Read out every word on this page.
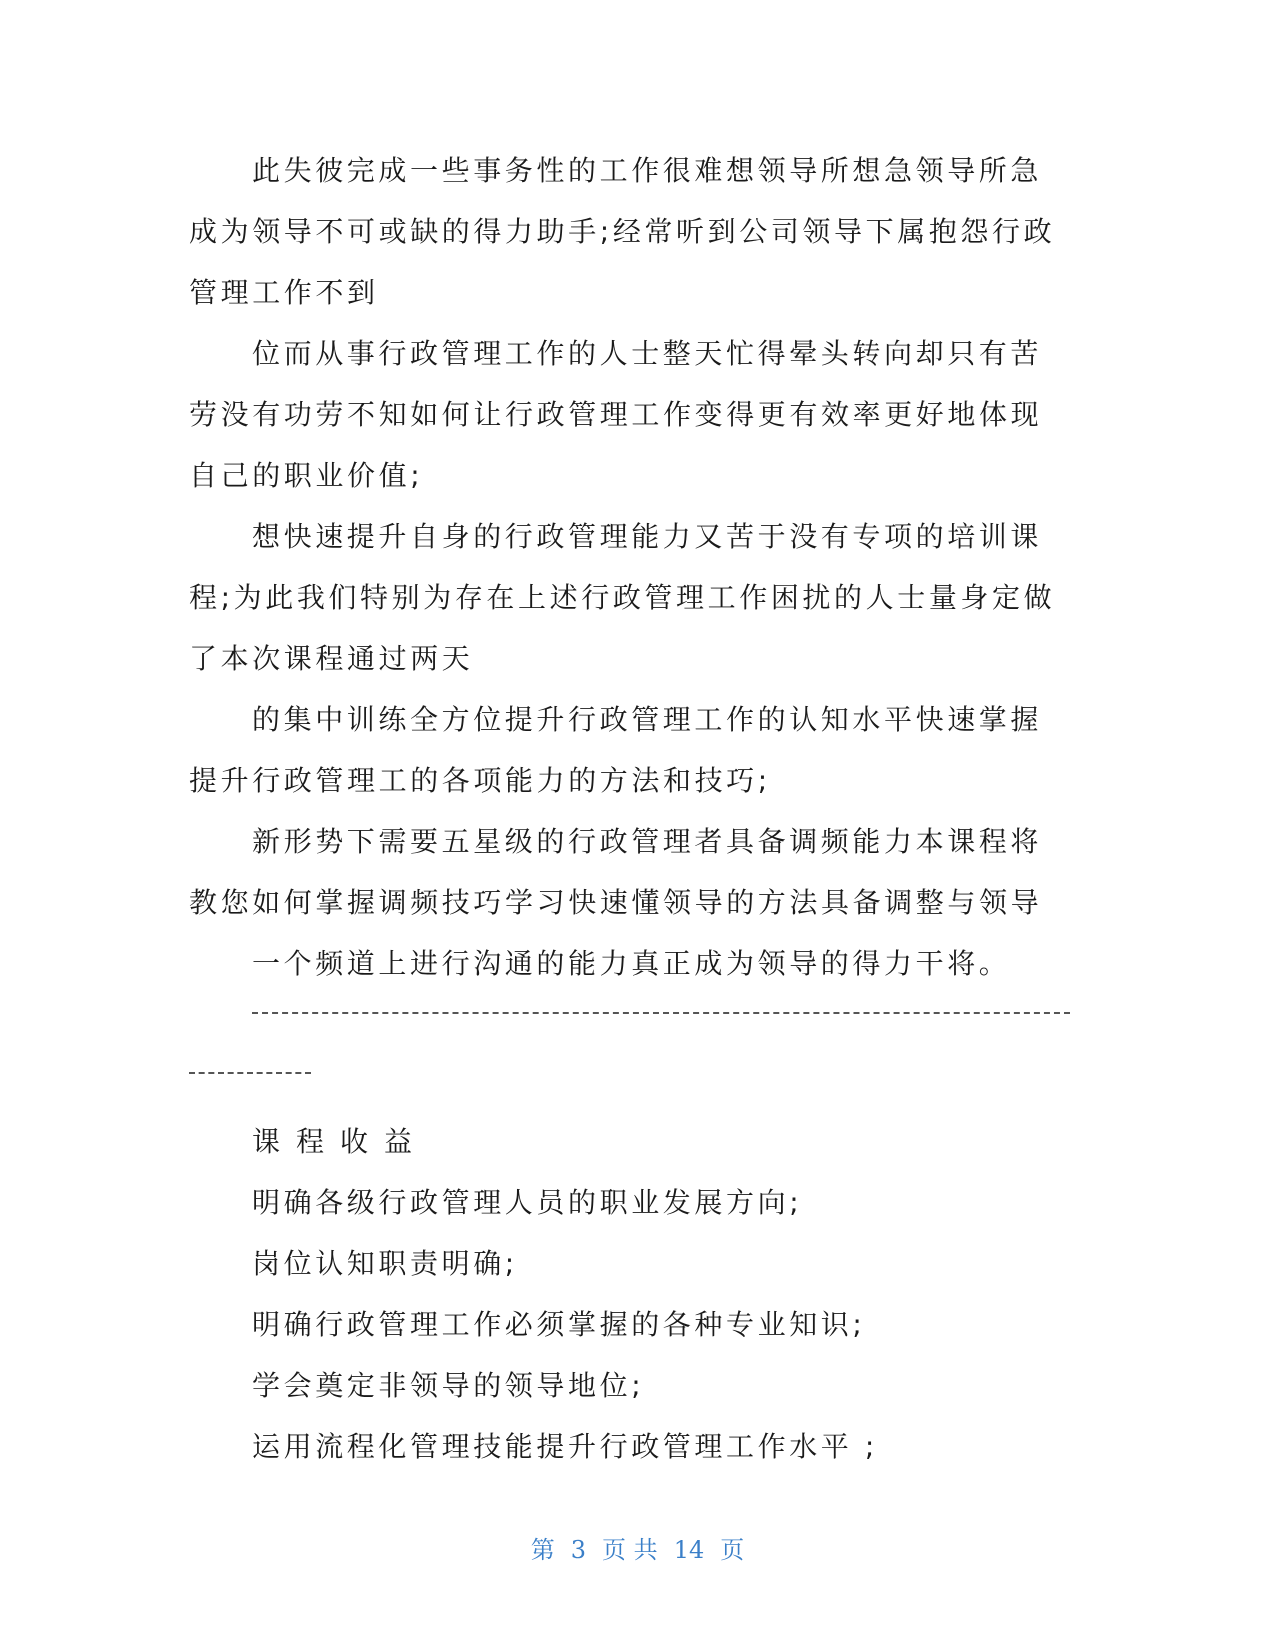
此失彼完成一些事务性的工作很难想领导所想急领导所急成为领导不可或缺的得力助手;经常听到公司领导下属抱怨行政管理工作不到

位而从事行政管理工作的人士整天忙得晕头转向却只有苦劳没有功劳不知如何让行政管理工作变得更有效率更好地体现自己的职业价值;

想快速提升自身的行政管理能力又苦于没有专项的培训课程;为此我们特别为存在上述行政管理工作困扰的人士量身定做了本次课程通过两天

的集中训练全方位提升行政管理工作的认知水平快速掌握提升行政管理工的各项能力的方法和技巧;

新形势下需要五星级的行政管理者具备调频能力本课程将教您如何掌握调频技巧学习快速懂领导的方法具备调整与领导

一个频道上进行沟通的能力真正成为领导的得力干将。

课程收益
明确各级行政管理人员的职业发展方向;
岗位认知职责明确;
明确行政管理工作必须掌握的各种专业知识;
学会奠定非领导的领导地位;
运用流程化管理技能提升行政管理工作水平 ;
第 3 页 共 14 页
